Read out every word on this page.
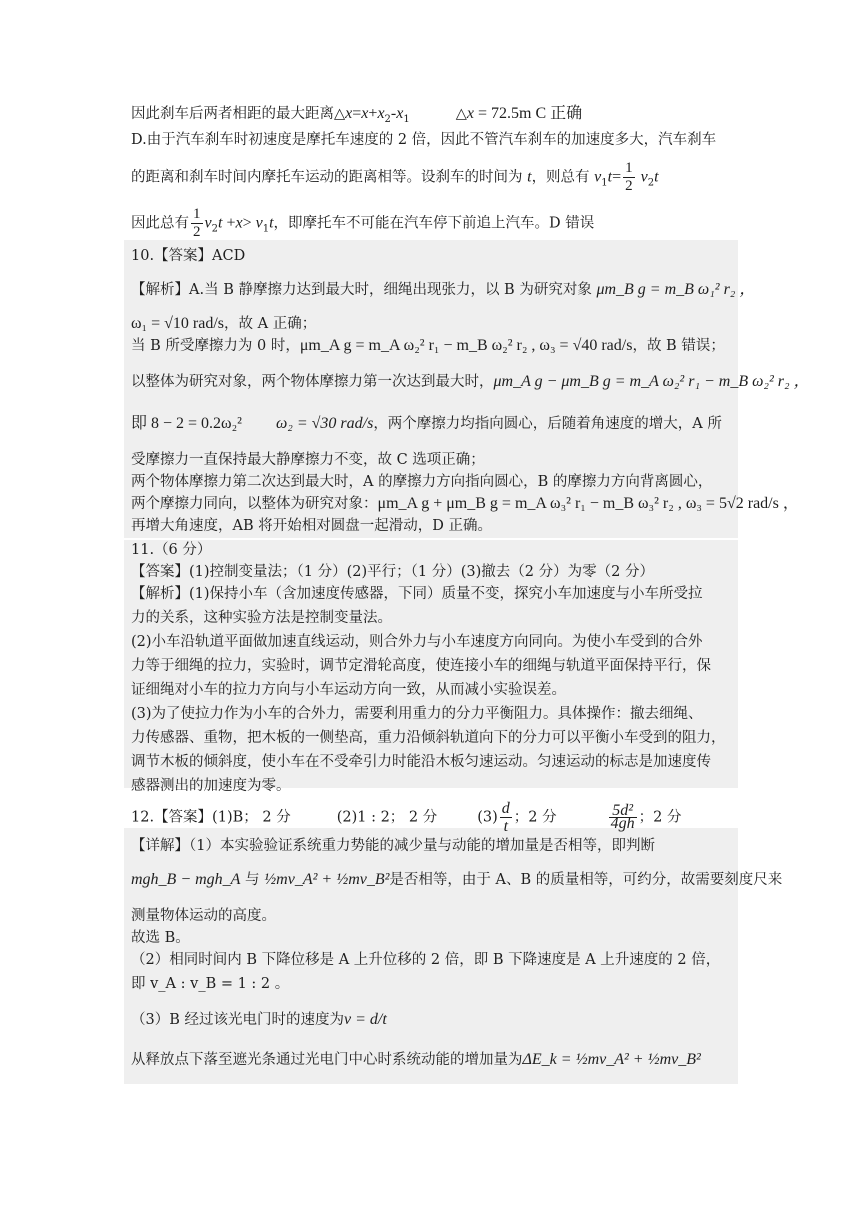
因此刹车后两者相距的最大距离$\triangle x=x+x_2-x_1$	△x = 72.5m C 正确
D.由于汽车刹车时初速度是摩托车速度的 2 倍，因此不管汽车刹车的加速度多大，汽车刹车
的距离和刹车时间内摩托车运动的距离相等。设刹车的时间为 t，则总有 $v_1t= \frac{1}{2} v_2t$
因此总有 $\frac{1}{2} v_2t +x> v_1t$，即摩托车不可能在汽车停下前追上汽车。D 错误
10.【答案】ACD
【解析】A.当 B 静摩擦力达到最大时，细绳出现张力，以 B 为研究对象 μm_B g = m_B ω₁² r₂ ，
ω₁ = √10 rad/s，故 A 正确；
当 B 所受摩擦力为 0 时，μm_A g = m_A ω₂² r₁ − m_B ω₂² r₂ , ω₃ = √40 rad/s，故 B 错误；
以整体为研究对象，两个物体摩擦力第一次达到最大时，μm_A g − μm_B g = m_A ω₂² r₁ − m_B ω₂² r₂ ，
即 8 − 2 = 0.2ω₂² ω₂ = √30 rad/s，两个摩擦力均指向圆心，后随着角速度的增大，A 所
受摩擦力一直保持最大静摩擦力不变，故 C 选项正确；
两个物体摩擦力第二次达到最大时，A 的摩擦力方向指向圆心，B 的摩擦力方向背离圆心，
两个摩擦力同向，以整体为研究对象：μm_A g + μm_B g = m_A ω₃² r₁ − m_B ω₃² r₂ , ω₃ = 5√2 rad/s ，
再增大角速度，AB 将开始相对圆盘一起滑动，D 正确。
11.（6 分）
【答案】(1)控制变量法；（1 分）(2)平行；（1 分）(3)撤去（2 分）为零（2 分）
【解析】(1)保持小车（含加速度传感器，下同）质量不变，探究小车加速度与小车所受拉
力的关系，这种实验方法是控制变量法。
(2)小车沿轨道平面做加速直线运动，则合外力与小车速度方向同向。为使小车受到的合外
力等于细绳的拉力，实验时，调节定滑轮高度，使连接小车的细绳与轨道平面保持平行，保
证细绳对小车的拉力方向与小车运动方向一致，从而减小实验误差。
(3)为了使拉力作为小车的合外力，需要利用重力的分力平衡阻力。具体操作：撤去细绳、
力传感器、重物，把木板的一侧垫高，重力沿倾斜轨道向下的分力可以平衡小车受到的阻力，
调节木板的倾斜度，使小车在不受牵引力时能沿木板匀速运动。匀速运动的标志是加速度传
感器测出的加速度为零。
12.【答案】(1)B； 2 分	(2)1 : 2； 2 分	$(3) \frac{d}{t}$ ；2 分	$\frac{\text{5d²}}{4gh}$ ；2 分
【详解】（1）本实验验证系统重力势能的减少量与动能的增加量是否相等，即判断
mgh_B − mgh_A 与 ½mv_A² + ½mv_B²是否相等，由于 A、B 的质量相等，可约分，故需要刻度尺来
测量物体运动的高度。
故选 B。
（2）相同时间内 B 下降位移是 A 上升位移的 2 倍，即 B 下降速度是 A 上升速度的 2 倍，
即 v_A : v_B = 1 : 2 。
（3）B 经过该光电门时的速度为v = d/t
从释放点下落至遮光条通过光电门中心时系统动能的增加量为ΔE_k = ½mv_A² + ½mv_B²
